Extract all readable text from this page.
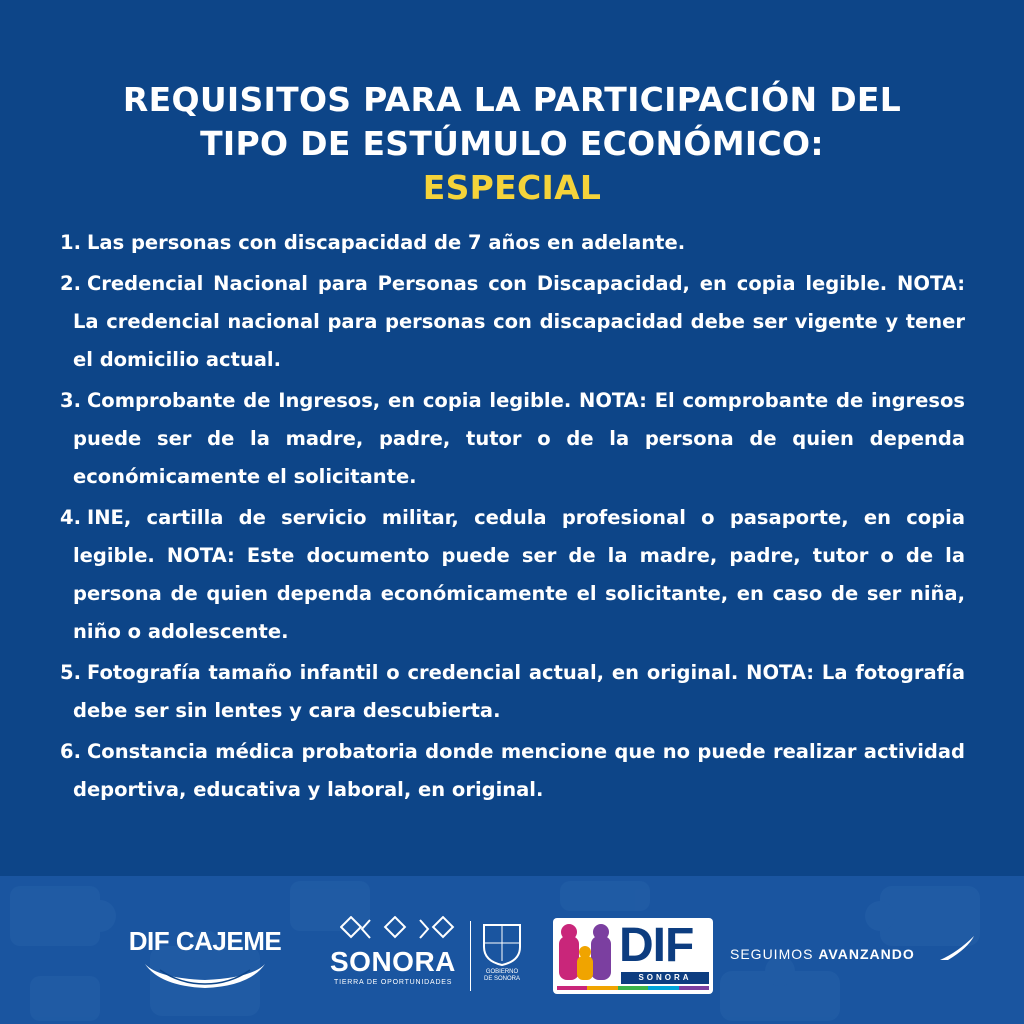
REQUISITOS PARA LA PARTICIPACIÓN DEL
TIPO DE ESTÚMULO ECONÓMICO:
ESPECIAL
1. Las personas con discapacidad de 7 años en adelante.
2. Credencial Nacional para Personas con Discapacidad, en copia legible. NOTA: La credencial nacional para personas con discapacidad debe ser vigente y tener el domicilio actual.
3. Comprobante de Ingresos, en copia legible. NOTA: El comprobante de ingresos puede ser de la madre, padre, tutor o de la persona de quien dependa económicamente el solicitante.
4. INE, cartilla de servicio militar, cedula profesional o pasaporte, en copia legible. NOTA: Este documento puede ser de la madre, padre, tutor o de la persona de quien dependa económicamente el solicitante, en caso de ser niña, niño o adolescente.
5. Fotografía tamaño infantil o credencial actual, en original. NOTA: La fotografía debe ser sin lentes y cara descubierta.
6. Constancia médica probatoria donde mencione que no puede realizar actividad deportiva, educativa y laboral, en original.
DIF CAJEME
SONORA
TIERRA DE OPORTUNIDADES
GOBIERNO
DE SONORA
DIF
SONORA
SEGUIMOS AVANZANDO
